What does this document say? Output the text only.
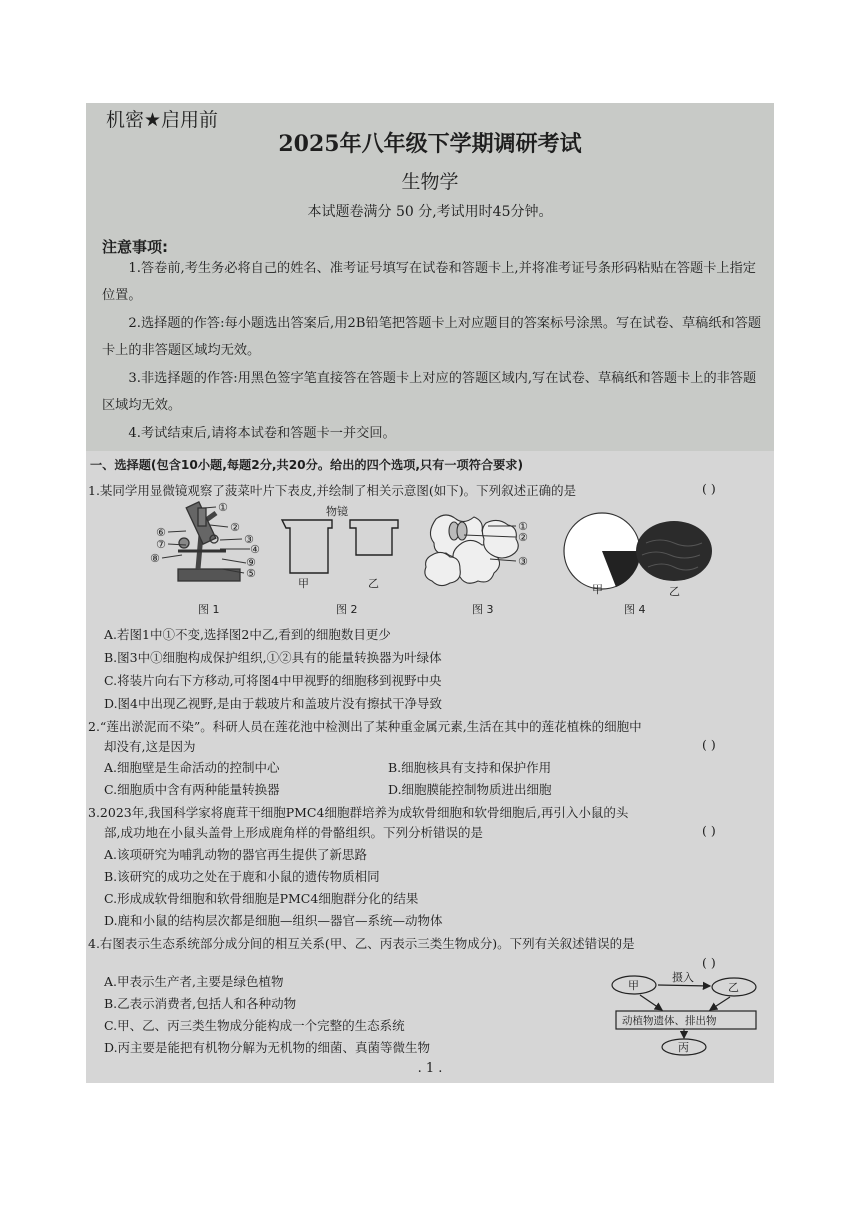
机密★启用前
2025年八年级下学期调研考试
生物学
本试题卷满分 50 分,考试用时45分钟。
注意事项:
1.答卷前,考生务必将自己的姓名、准考证号填写在试卷和答题卡上,并将准考证号条形码粘贴在答题卡上指定位置。
2.选择题的作答:每小题选出答案后,用2B铅笔把答题卡上对应题目的答案标号涂黑。写在试卷、草稿纸和答题卡上的非答题区域均无效。
3.非选择题的作答:用黑色签字笔直接答在答题卡上对应的答题区域内,写在试卷、草稿纸和答题卡上的非答题区域均无效。
4.考试结束后,请将本试卷和答题卡一并交回。
一、选择题(包含10小题,每题2分,共20分。给出的四个选项,只有一项符合要求)
1.某同学用显微镜观察了菠菜叶片下表皮,并绘制了相关示意图(如下)。下列叙述正确的是	( )
①
②
③
④
⑨
⑤
⑥
⑦
⑧
图 1
物镜
甲	乙
图 2
①
②
③
图 3
甲	乙
图 4
A.若图1中①不变,选择图2中乙,看到的细胞数目更少
B.图3中①细胞构成保护组织,①②具有的能量转换器为叶绿体
C.将装片向右下方移动,可将图4中甲视野的细胞移到视野中央
D.图4中出现乙视野,是由于载玻片和盖玻片没有擦拭干净导致
2.“莲出淤泥而不染”。科研人员在莲花池中检测出了某种重金属元素,生活在其中的莲花植株的细胞中
却没有,这是因为	( )
A.细胞壁是生命活动的控制中心	B.细胞核具有支持和保护作用
C.细胞质中含有两种能量转换器	D.细胞膜能控制物质进出细胞
3.2023年,我国科学家将鹿茸干细胞PMC4细胞群培养为成软骨细胞和软骨细胞后,再引入小鼠的头
部,成功地在小鼠头盖骨上形成鹿角样的骨骼组织。下列分析错误的是	( )
A.该项研究为哺乳动物的器官再生提供了新思路
B.该研究的成功之处在于鹿和小鼠的遗传物质相同
C.形成成软骨细胞和软骨细胞是PMC4细胞群分化的结果
D.鹿和小鼠的结构层次都是细胞—组织—器官—系统—动物体
4.右图表示生态系统部分成分间的相互关系(甲、乙、丙表示三类生物成分)。下列有关叙述错误的是
( )
A.甲表示生产者,主要是绿色植物
B.乙表示消费者,包括人和各种动物
C.甲、乙、丙三类生物成分能构成一个完整的生态系统
D.丙主要是能把有机物分解为无机物的细菌、真菌等微生物
甲	乙
摄入
动植物遗体、排出物
丙
. 1 .
